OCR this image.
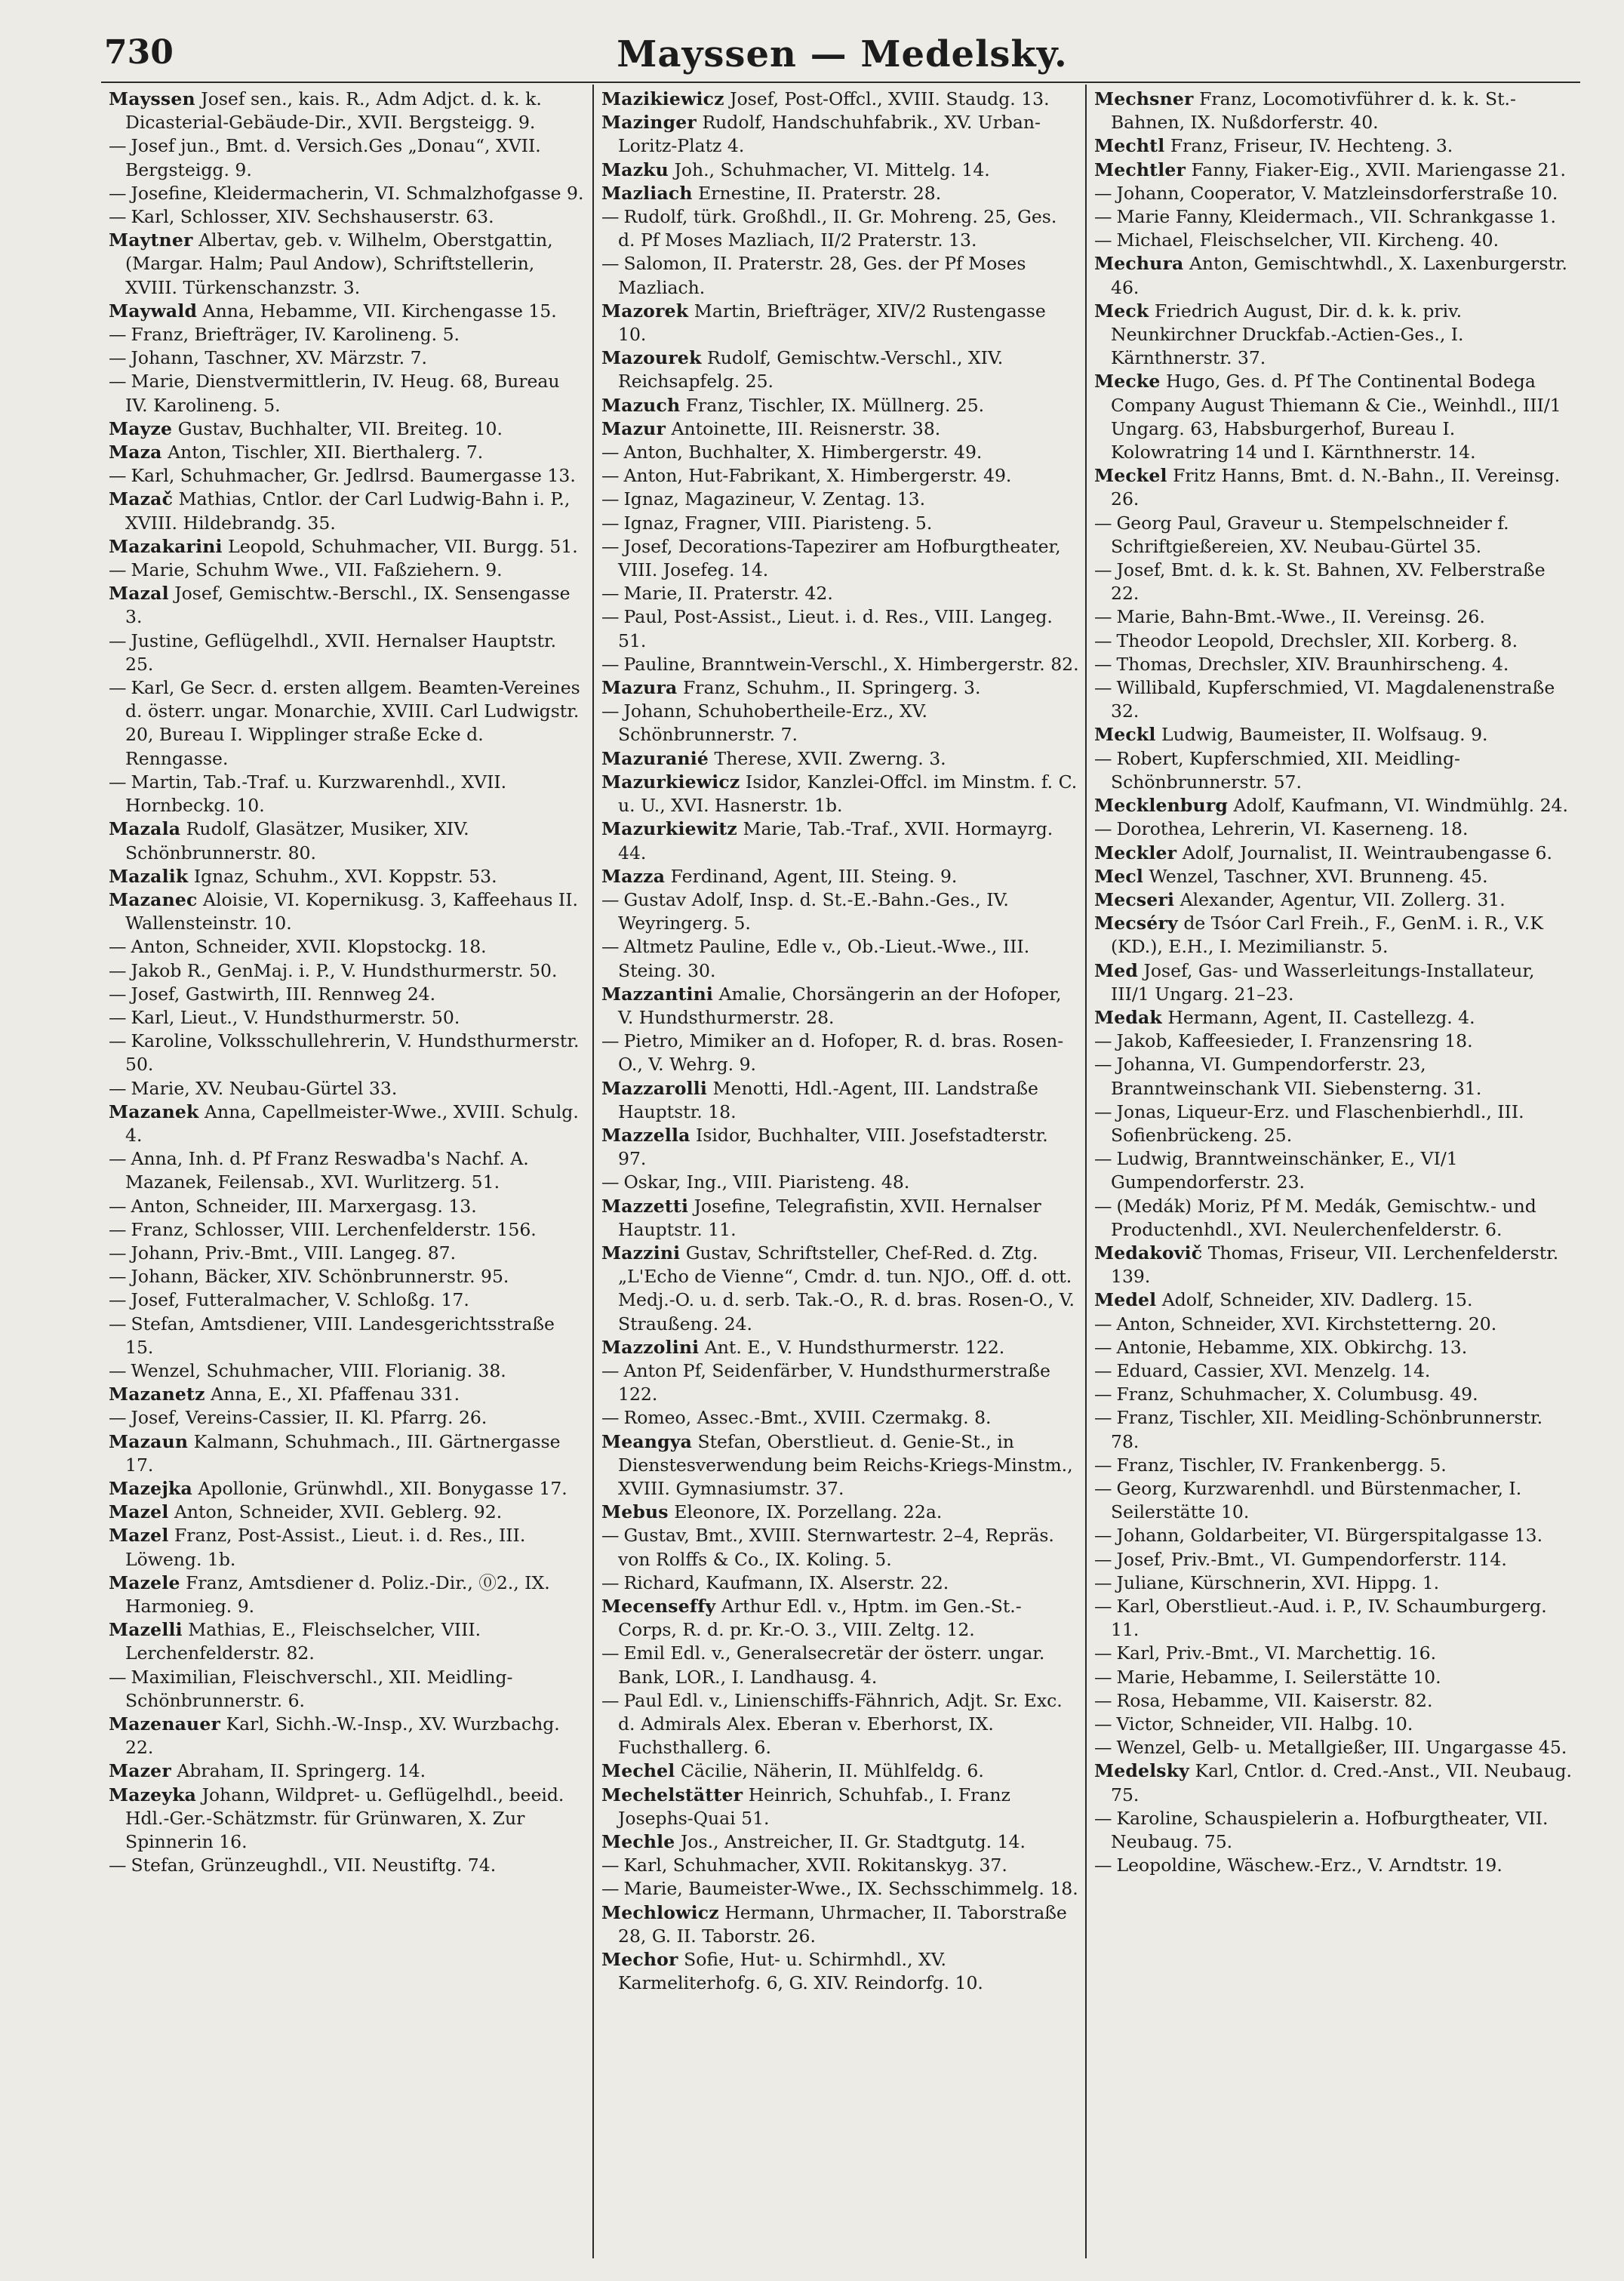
730	Mayssen — Medelsky.

Mayssen Josef sen., kais. R., Adm Adjct. d. k. k. Dicasterial-Gebäude-Dir., XVII. Bergsteigg. 9.

— Josef jun., Bmt. d. Versich.Ges „Donau“, XVII. Bergsteigg. 9.

— Josefine, Kleidermacherin, VI. Schmalzhofgasse 9.

— Karl, Schlosser, XIV. Sechshauserstr. 63.

Maytner Albertav, geb. v. Wilhelm, Oberstgattin, (Margar. Halm; Paul Andow), Schriftstellerin, XVIII. Türkenschanzstr. 3.

Maywald Anna, Hebamme, VII. Kirchengasse 15.

— Franz, Briefträger, IV. Karolineng. 5.

— Johann, Taschner, XV. Märzstr. 7.

— Marie, Dienstvermittlerin, IV. Heug. 68, Bureau IV. Karolineng. 5.

Mayze Gustav, Buchhalter, VII. Breiteg. 10.

Maza Anton, Tischler, XII. Bierthalerg. 7.

— Karl, Schuhmacher, Gr. Jedlrsd. Baumergasse 13.

Mazač Mathias, Cntlor. der Carl Ludwig-Bahn i. P., XVIII. Hildebrandg. 35.

Mazakarini Leopold, Schuhmacher, VII. Burgg. 51.

— Marie, Schuhm Wwe., VII. Faßziehern. 9.

Mazal Josef, Gemischtw.-Berschl., IX. Sensengasse 3.

— Justine, Geflügelhdl., XVII. Hernalser Hauptstr. 25.

— Karl, Ge Secr. d. ersten allgem. Beamten-Vereines d. österr. ungar. Monarchie, XVIII. Carl Ludwigstr. 20, Bureau I. Wipplinger straße Ecke d. Renngasse.

— Martin, Tab.-Traf. u. Kurzwarenhdl., XVII. Hornbeckg. 10.

Mazala Rudolf, Glasätzer, Musiker, XIV. Schönbrunnerstr. 80.

Mazalik Ignaz, Schuhm., XVI. Koppstr. 53.

Mazanec Aloisie, VI. Kopernikusg. 3, Kaffeehaus II. Wallensteinstr. 10.

— Anton, Schneider, XVII. Klopstockg. 18.

— Jakob R., GenMaj. i. P., V. Hundsthurmerstr. 50.

— Josef, Gastwirth, III. Rennweg 24.

— Karl, Lieut., V. Hundsthurmerstr. 50.

— Karoline, Volksschullehrerin, V. Hundsthurmerstr. 50.

— Marie, XV. Neubau-Gürtel 33.

Mazanek Anna, Capellmeister-Wwe., XVIII. Schulg. 4.

— Anna, Inh. d. Pf Franz Reswadba's Nachf. A. Mazanek, Feilensab., XVI. Wurlitzerg. 51.

— Anton, Schneider, III. Marxergasg. 13.

— Franz, Schlosser, VIII. Lerchenfelderstr. 156.

— Johann, Priv.-Bmt., VIII. Langeg. 87.

— Johann, Bäcker, XIV. Schönbrunnerstr. 95.

— Josef, Futteralmacher, V. Schloßg. 17.

— Stefan, Amtsdiener, VIII. Landesgerichtsstraße 15.

— Wenzel, Schuhmacher, VIII. Florianig. 38.

Mazanetz Anna, E., XI. Pfaffenau 331.

— Josef, Vereins-Cassier, II. Kl. Pfarrg. 26.

Mazaun Kalmann, Schuhmach., III. Gärtnergasse 17.

Mazejka Apollonie, Grünwhdl., XII. Bonygasse 17.

Mazel Anton, Schneider, XVII. Geblerg. 92.

Mazel Franz, Post-Assist., Lieut. i. d. Res., III. Löweng. 1b.

Mazele Franz, Amtsdiener d. Poliz.-Dir., ⓪2., IX. Harmonieg. 9.

Mazelli Mathias, E., Fleischselcher, VIII. Lerchenfelderstr. 82.

— Maximilian, Fleischverschl., XII. Meidling-Schönbrunnerstr. 6.

Mazenauer Karl, Sichh.-W.-Insp., XV. Wurzbachg. 22.

Mazer Abraham, II. Springerg. 14.

Mazeyka Johann, Wildpret- u. Geflügelhdl., beeid. Hdl.-Ger.-Schätzmstr. für Grünwaren, X. Zur Spinnerin 16.

— Stefan, Grünzeughdl., VII. Neustiftg. 74.

Mazikiewicz Josef, Post-Offcl., XVIII. Staudg. 13.

Mazinger Rudolf, Handschuhfabrik., XV. Urban-Loritz-Platz 4.

Mazku Joh., Schuhmacher, VI. Mittelg. 14.

Mazliach Ernestine, II. Praterstr. 28.

— Rudolf, türk. Großhdl., II. Gr. Mohreng. 25, Ges. d. Pf Moses Mazliach, II/2 Praterstr. 13.

— Salomon, II. Praterstr. 28, Ges. der Pf Moses Mazliach.

Mazorek Martin, Briefträger, XIV/2 Rustengasse 10.

Mazourek Rudolf, Gemischtw.-Verschl., XIV. Reichsapfelg. 25.

Mazuch Franz, Tischler, IX. Müllnerg. 25.

Mazur Antoinette, III. Reisnerstr. 38.

— Anton, Buchhalter, X. Himbergerstr. 49.

— Anton, Hut-Fabrikant, X. Himbergerstr. 49.

— Ignaz, Magazineur, V. Zentag. 13.

— Ignaz, Fragner, VIII. Piaristeng. 5.

— Josef, Decorations-Tapezirer am Hofburgtheater, VIII. Josefeg. 14.

— Marie, II. Praterstr. 42.

— Paul, Post-Assist., Lieut. i. d. Res., VIII. Langeg. 51.

— Pauline, Branntwein-Verschl., X. Himbergerstr. 82.

Mazura Franz, Schuhm., II. Springerg. 3.

— Johann, Schuhobertheile-Erz., XV. Schönbrunnerstr. 7.

Mazuranié Therese, XVII. Zwerng. 3.

Mazurkiewicz Isidor, Kanzlei-Offcl. im Minstm. f. C. u. U., XVI. Hasnerstr. 1b.

Mazurkiewitz Marie, Tab.-Traf., XVII. Hormayrg. 44.

Mazza Ferdinand, Agent, III. Steing. 9.

— Gustav Adolf, Insp. d. St.-E.-Bahn.-Ges., IV. Weyringerg. 5.

— Altmetz Pauline, Edle v., Ob.-Lieut.-Wwe., III. Steing. 30.

Mazzantini Amalie, Chorsängerin an der Hofoper, V. Hundsthurmerstr. 28.

— Pietro, Mimiker an d. Hofoper, R. d. bras. Rosen-O., V. Wehrg. 9.

Mazzarolli Menotti, Hdl.-Agent, III. Landstraße Hauptstr. 18.

Mazzella Isidor, Buchhalter, VIII. Josefstadterstr. 97.

— Oskar, Ing., VIII. Piaristeng. 48.

Mazzetti Josefine, Telegrafistin, XVII. Hernalser Hauptstr. 11.

Mazzini Gustav, Schriftsteller, Chef-Red. d. Ztg. „L'Echo de Vienne“, Cmdr. d. tun. NJO., Off. d. ott. Medj.-O. u. d. serb. Tak.-O., R. d. bras. Rosen-O., V. Straußeng. 24.

Mazzolini Ant. E., V. Hundsthurmerstr. 122.

— Anton Pf, Seidenfärber, V. Hundsthurmerstraße 122.

— Romeo, Assec.-Bmt., XVIII. Czermakg. 8.

Meangya Stefan, Oberstlieut. d. Genie-St., in Dienstesverwendung beim Reichs-Kriegs-Minstm., XVIII. Gymnasiumstr. 37.

Mebus Eleonore, IX. Porzellang. 22a.

— Gustav, Bmt., XVIII. Sternwartestr. 2–4, Repräs. von Rolffs & Co., IX. Koling. 5.

— Richard, Kaufmann, IX. Alserstr. 22.

Mecenseffy Arthur Edl. v., Hptm. im Gen.-St.-Corps, R. d. pr. Kr.-O. 3., VIII. Zeltg. 12.

— Emil Edl. v., Generalsecretär der österr. ungar. Bank, LOR., I. Landhausg. 4.

— Paul Edl. v., Linienschiffs-Fähnrich, Adjt. Sr. Exc. d. Admirals Alex. Eberan v. Eberhorst, IX. Fuchsthallerg. 6.

Mechel Cäcilie, Näherin, II. Mühlfeldg. 6.

Mechelstätter Heinrich, Schuhfab., I. Franz Josephs-Quai 51.

Mechle Jos., Anstreicher, II. Gr. Stadtgutg. 14.

— Karl, Schuhmacher, XVII. Rokitanskyg. 37.

— Marie, Baumeister-Wwe., IX. Sechsschimmelg. 18.

Mechlowicz Hermann, Uhrmacher, II. Taborstraße 28, G. II. Taborstr. 26.

Mechor Sofie, Hut- u. Schirmhdl., XV. Karmeliterhofg. 6, G. XIV. Reindorfg. 10.

Mechsner Franz, Locomotivführer d. k. k. St.-Bahnen, IX. Nußdorferstr. 40.

Mechtl Franz, Friseur, IV. Hechteng. 3.

Mechtler Fanny, Fiaker-Eig., XVII. Mariengasse 21.

— Johann, Cooperator, V. Matzleinsdorferstraße 10.

— Marie Fanny, Kleidermach., VII. Schrankgasse 1.

— Michael, Fleischselcher, VII. Kircheng. 40.

Mechura Anton, Gemischtwhdl., X. Laxenburgerstr. 46.

Meck Friedrich August, Dir. d. k. k. priv. Neunkirchner Druckfab.-Actien-Ges., I. Kärnthnerstr. 37.

Mecke Hugo, Ges. d. Pf The Continental Bodega Company August Thiemann & Cie., Weinhdl., III/1 Ungarg. 63, Habsburgerhof, Bureau I. Kolowratring 14 und I. Kärnthnerstr. 14.

Meckel Fritz Hanns, Bmt. d. N.-Bahn., II. Vereinsg. 26.

— Georg Paul, Graveur u. Stempelschneider f. Schriftgießereien, XV. Neubau-Gürtel 35.

— Josef, Bmt. d. k. k. St. Bahnen, XV. Felberstraße 22.

— Marie, Bahn-Bmt.-Wwe., II. Vereinsg. 26.

— Theodor Leopold, Drechsler, XII. Korberg. 8.

— Thomas, Drechsler, XIV. Braunhirscheng. 4.

— Willibald, Kupferschmied, VI. Magdalenenstraße 32.

Meckl Ludwig, Baumeister, II. Wolfsaug. 9.

— Robert, Kupferschmied, XII. Meidling-Schönbrunnerstr. 57.

Mecklenburg Adolf, Kaufmann, VI. Windmühlg. 24.

— Dorothea, Lehrerin, VI. Kaserneng. 18.

Meckler Adolf, Journalist, II. Weintraubengasse 6.

Mecl Wenzel, Taschner, XVI. Brunneng. 45.

Mecseri Alexander, Agentur, VII. Zollerg. 31.

Mecséry de Tsóor Carl Freih., F., GenM. i. R., V.K (KD.), E.H., I. Mezimilianstr. 5.

Med Josef, Gas- und Wasserleitungs-Installateur, III/1 Ungarg. 21–23.

Medak Hermann, Agent, II. Castellezg. 4.

— Jakob, Kaffeesieder, I. Franzensring 18.

— Johanna, VI. Gumpendorferstr. 23, Branntweinschank VII. Siebensterng. 31.

— Jonas, Liqueur-Erz. und Flaschenbierhdl., III. Sofienbrückeng. 25.

— Ludwig, Branntweinschänker, E., VI/1 Gumpendorferstr. 23.

— (Medák) Moriz, Pf M. Medák, Gemischtw.- und Productenhdl., XVI. Neulerchenfelderstr. 6.

Medakovič Thomas, Friseur, VII. Lerchenfelderstr. 139.

Medel Adolf, Schneider, XIV. Dadlerg. 15.

— Anton, Schneider, XVI. Kirchstetterng. 20.

— Antonie, Hebamme, XIX. Obkirchg. 13.

— Eduard, Cassier, XVI. Menzelg. 14.

— Franz, Schuhmacher, X. Columbusg. 49.

— Franz, Tischler, XII. Meidling-Schönbrunnerstr. 78.

— Franz, Tischler, IV. Frankenbergg. 5.

— Georg, Kurzwarenhdl. und Bürstenmacher, I. Seilerstätte 10.

— Johann, Goldarbeiter, VI. Bürgerspitalgasse 13.

— Josef, Priv.-Bmt., VI. Gumpendorferstr. 114.

— Juliane, Kürschnerin, XVI. Hippg. 1.

— Karl, Oberstlieut.-Aud. i. P., IV. Schaumburgerg. 11.

— Karl, Priv.-Bmt., VI. Marchettig. 16.

— Marie, Hebamme, I. Seilerstätte 10.

— Rosa, Hebamme, VII. Kaiserstr. 82.

— Victor, Schneider, VII. Halbg. 10.

— Wenzel, Gelb- u. Metallgießer, III. Ungargasse 45.

Medelsky Karl, Cntlor. d. Cred.-Anst., VII. Neubaug. 75.

— Karoline, Schauspielerin a. Hofburgtheater, VII. Neubaug. 75.

— Leopoldine, Wäschew.-Erz., V. Arndtstr. 19.
